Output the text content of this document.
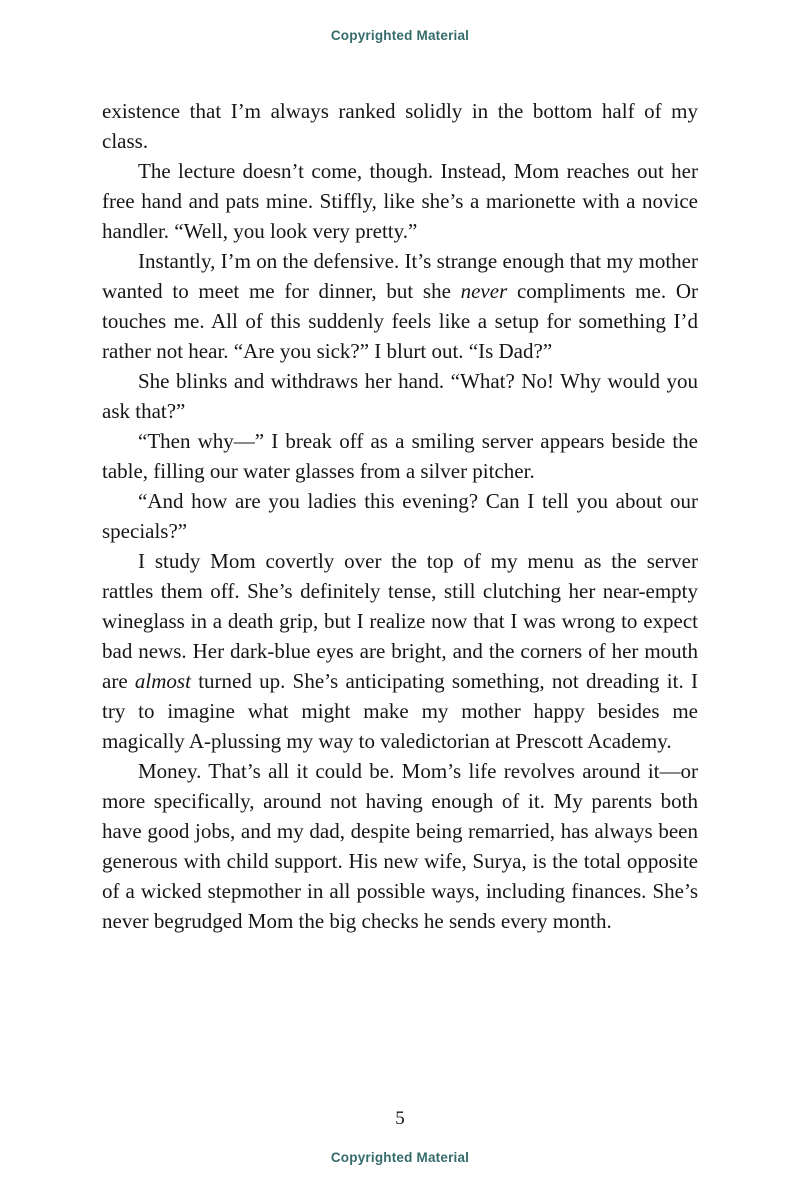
Copyrighted Material

existence that I’m always ranked solidly in the bottom half of my class.

The lecture doesn’t come, though. Instead, Mom reaches out her free hand and pats mine. Stiffly, like she’s a marionette with a novice handler. “Well, you look very pretty.”

Instantly, I’m on the defensive. It’s strange enough that my mother wanted to meet me for dinner, but she never compliments me. Or touches me. All of this suddenly feels like a setup for something I’d rather not hear. “Are you sick?” I blurt out. “Is Dad?”

She blinks and withdraws her hand. “What? No! Why would you ask that?”

“Then why—” I break off as a smiling server appears beside the table, filling our water glasses from a silver pitcher.

“And how are you ladies this evening? Can I tell you about our specials?”

I study Mom covertly over the top of my menu as the server rattles them off. She’s definitely tense, still clutching her near-empty wineglass in a death grip, but I realize now that I was wrong to expect bad news. Her dark-blue eyes are bright, and the corners of her mouth are almost turned up. She’s anticipating something, not dreading it. I try to imagine what might make my mother happy besides me magically A-plussing my way to valedictorian at Prescott Academy.

Money. That’s all it could be. Mom’s life revolves around it—or more specifically, around not having enough of it. My parents both have good jobs, and my dad, despite being remarried, has always been generous with child support. His new wife, Surya, is the total opposite of a wicked stepmother in all possible ways, including finances. She’s never begrudged Mom the big checks he sends every month.

5
Copyrighted Material
